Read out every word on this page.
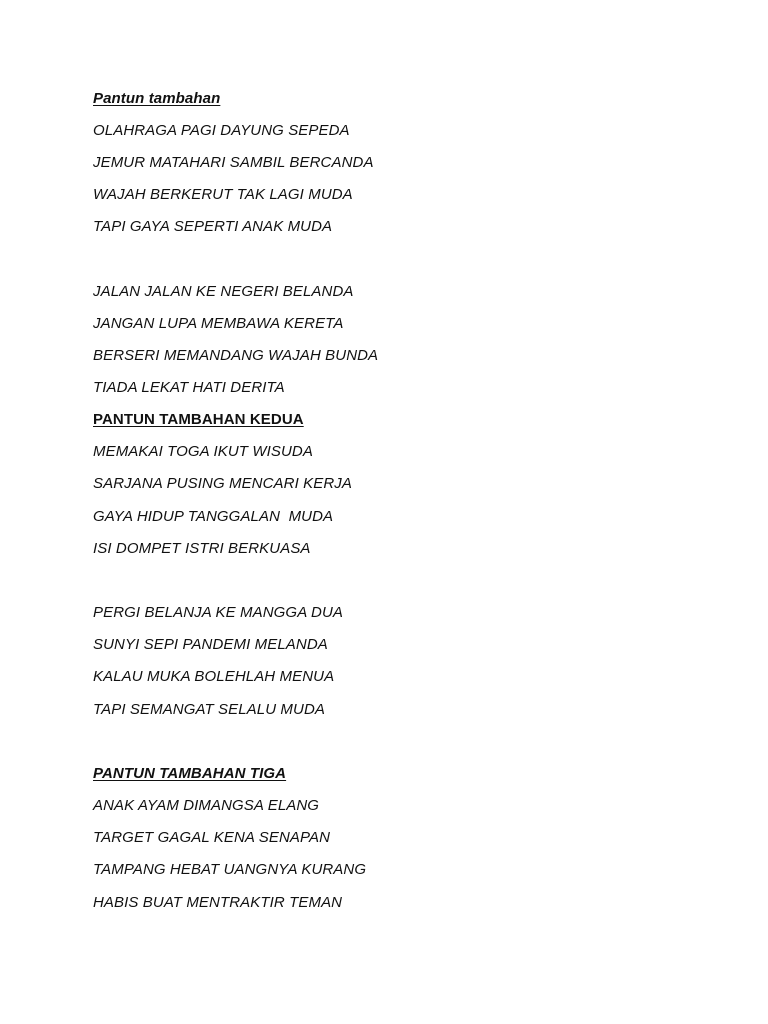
Pantun tambahan
OLAHRAGA PAGI DAYUNG SEPEDA
JEMUR MATAHARI SAMBIL BERCANDA
WAJAH BERKERUT TAK LAGI MUDA
TAPI GAYA SEPERTI ANAK MUDA
JALAN JALAN KE NEGERI BELANDA
JANGAN LUPA MEMBAWA KERETA
BERSERI MEMANDANG WAJAH BUNDA
TIADA LEKAT HATI DERITA
PANTUN TAMBAHAN KEDUA
MEMAKAI TOGA IKUT WISUDA
SARJANA PUSING MENCARI KERJA
GAYA HIDUP TANGGALAN  MUDA
ISI DOMPET ISTRI BERKUASA
PERGI BELANJA KE MANGGA DUA
SUNYI SEPI PANDEMI MELANDA
KALAU MUKA BOLEHLAH MENUA
TAPI SEMANGAT SELALU MUDA
PANTUN TAMBAHAN TIGA
ANAK AYAM DIMANGSA ELANG
TARGET GAGAL KENA SENAPAN
TAMPANG HEBAT UANGNYA KURANG
HABIS BUAT MENTRAKTIR TEMAN
